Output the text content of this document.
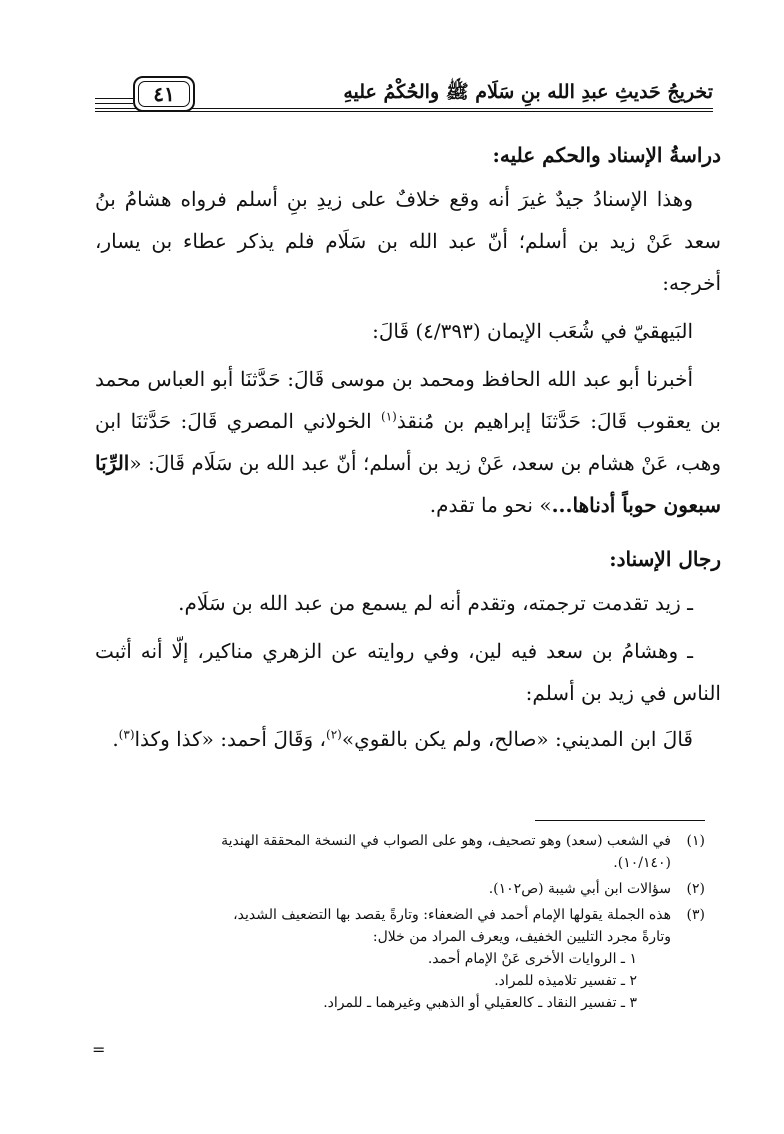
تخريجُ حَديثِ عبدِ الله بنِ سَلَام ﷺ والحُكْمُ عليهِ
٤١
دراسةُ الإسناد والحكم عليه:

وهذا الإسنادُ جيدٌ غيرَ أنه وقع خلافٌ على زيدِ بنِ أسلم فرواه هشامُ بنُ سعد عَنْ زيد بن أسلم؛ أنّ عبد الله بن سَلَام فلم يذكر عطاء بن يسار، أخرجه:

البَيهقيّ في شُعَب الإيمان (٤/٣٩٣) قَالَ:

أخبرنا أبو عبد الله الحافظ ومحمد بن موسى قَالَ: حَدَّثنَا أبو العباس محمد بن يعقوب قَالَ: حَدَّثنَا إبراهيم بن مُنقذ$^{(١)}$ الخولاني المصري قَالَ: حَدَّثنَا ابن وهب، عَنْ هشام بن سعد، عَنْ زيد بن أسلم؛ أنّ عبد الله بن سَلَام قَالَ: «الرِّبَا سبعون حوباً أدناها...» نحو ما تقدم.

رجال الإسناد:

ـ زيد تقدمت ترجمته، وتقدم أنه لم يسمع من عبد الله بن سَلَام.

ـ وهشامُ بن سعد فيه لين، وفي روايته عن الزهري مناكير، إلّا أنه أثبت الناس في زيد بن أسلم:

قَالَ ابن المديني: «صالح، ولم يكن بالقوي»$^{(٢)}$، وَقَالَ أحمد: «كذا وكذا$^{(٣)}$.

(١)
في الشعب (سعد) وهو تصحيف، وهو على الصواب في النسخة المحققة الهندية
(١٠/١٤٠).
(٢)
سؤالات ابن أبي شيبة (ص١٠٢).
(٣)
هذه الجملة يقولها الإمام أحمد في الضعفاء: وتارةً يقصد بها التضعيف الشديد،
وتارةً مجرد التليين الخفيف، ويعرف المراد من خلال:
١ ـ الروايات الأخرى عَنْ الإمام أحمد.
٢ ـ تفسير تلاميذه للمراد.
٣ ـ تفسير النقاد ـ كالعقيلي أو الذهبي وغيرهما ـ للمراد.
=
